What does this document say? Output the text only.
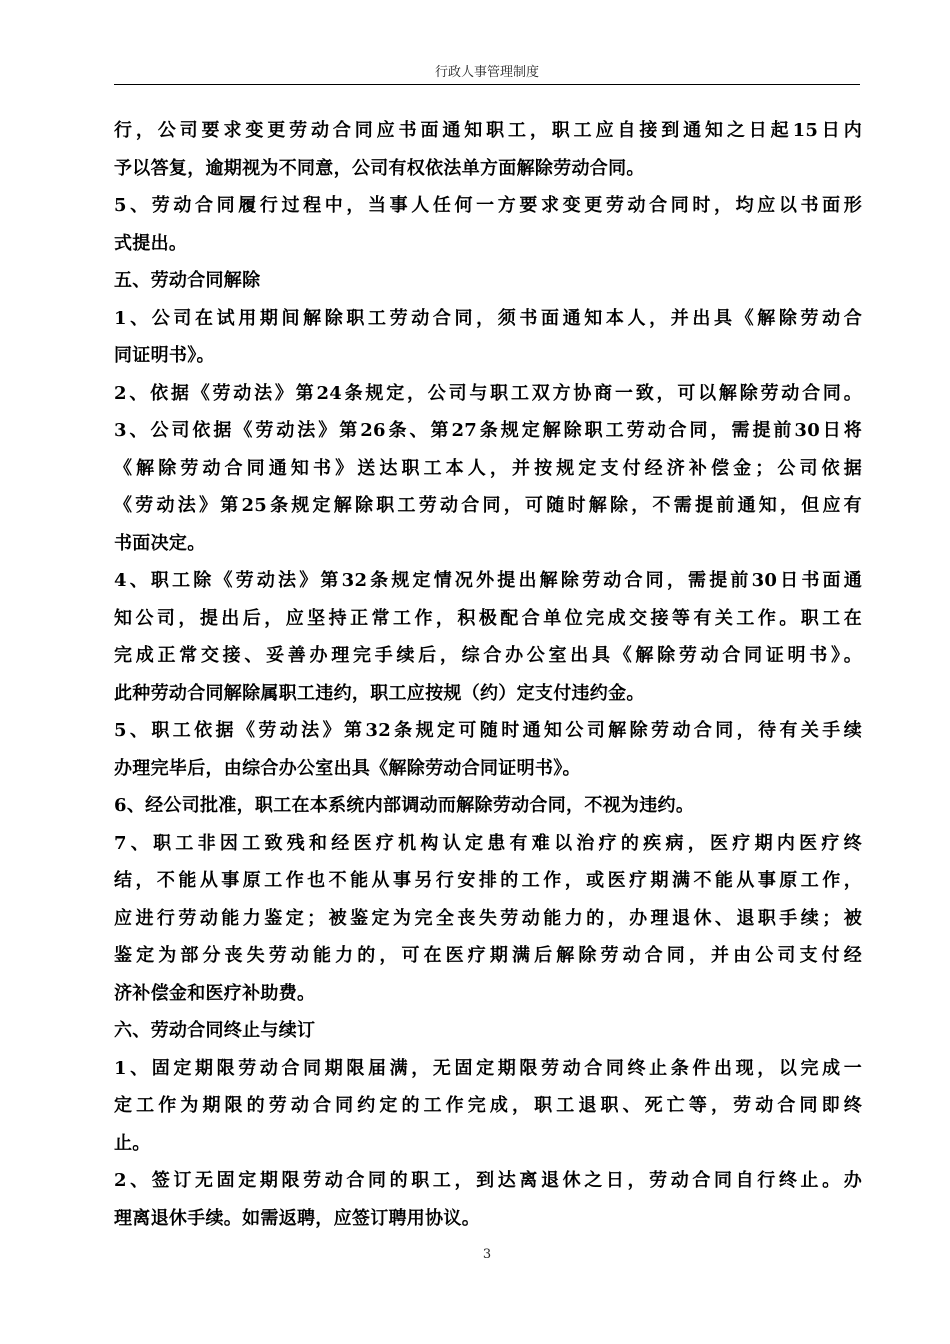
行政人事管理制度
行，公司要求变更劳动合同应书面通知职工，职工应自接到通知之日起15日内
予以答复，逾期视为不同意，公司有权依法单方面解除劳动合同。
5、劳动合同履行过程中，当事人任何一方要求变更劳动合同时，均应以书面形
式提出。
五、劳动合同解除
1、公司在试用期间解除职工劳动合同，须书面通知本人，并出具《解除劳动合
同证明书》。
2、依据《劳动法》第24条规定，公司与职工双方协商一致，可以解除劳动合同。
3、公司依据《劳动法》第26条、第27条规定解除职工劳动合同，需提前30日将
《解除劳动合同通知书》送达职工本人，并按规定支付经济补偿金；公司依据
《劳动法》第25条规定解除职工劳动合同，可随时解除，不需提前通知，但应有
书面决定。
4、职工除《劳动法》第32条规定情况外提出解除劳动合同，需提前30日书面通
知公司，提出后，应坚持正常工作，积极配合单位完成交接等有关工作。职工在
完成正常交接、妥善办理完手续后，综合办公室出具《解除劳动合同证明书》。
此种劳动合同解除属职工违约，职工应按规（约）定支付违约金。
5、职工依据《劳动法》第32条规定可随时通知公司解除劳动合同，待有关手续
办理完毕后，由综合办公室出具《解除劳动合同证明书》。
6、经公司批准，职工在本系统内部调动而解除劳动合同，不视为违约。
7、职工非因工致残和经医疗机构认定患有难以治疗的疾病，医疗期内医疗终
结，不能从事原工作也不能从事另行安排的工作，或医疗期满不能从事原工作，
应进行劳动能力鉴定；被鉴定为完全丧失劳动能力的，办理退休、退职手续；被
鉴定为部分丧失劳动能力的，可在医疗期满后解除劳动合同，并由公司支付经
济补偿金和医疗补助费。
六、劳动合同终止与续订
1、固定期限劳动合同期限届满，无固定期限劳动合同终止条件出现，以完成一
定工作为期限的劳动合同约定的工作完成，职工退职、死亡等，劳动合同即终
止。
2、签订无固定期限劳动合同的职工，到达离退休之日，劳动合同自行终止。办
理离退休手续。如需返聘，应签订聘用协议。
3
